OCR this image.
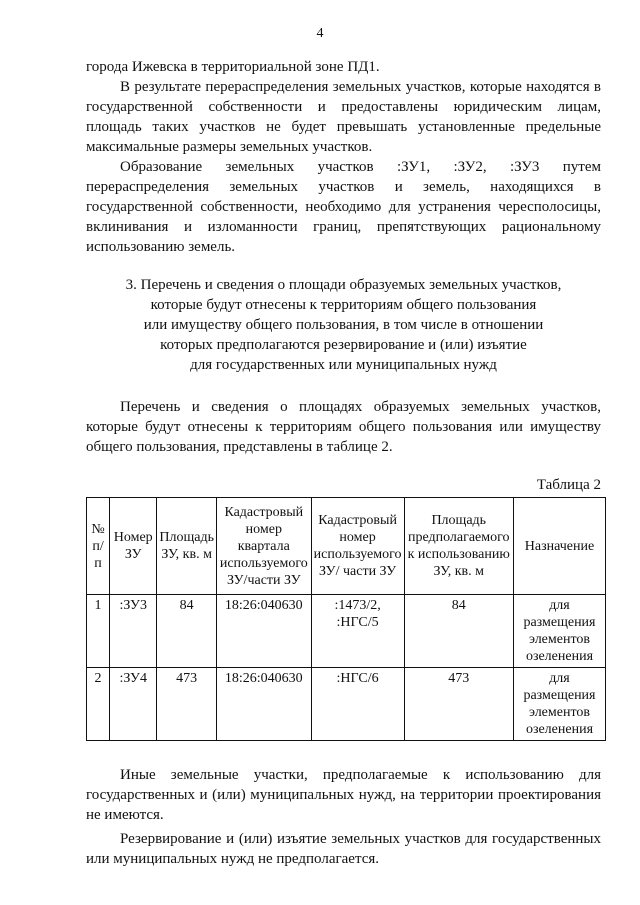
4

города Ижевска в территориальной зоне ПД1.

В результате перераспределения земельных участков, которые находятся в государственной собственности и предоставлены юридическим лицам, площадь таких участков не будет превышать установленные предельные максимальные размеры земельных участков.

Образование земельных участков :ЗУ1, :ЗУ2, :ЗУ3 путем перераспределения земельных участков и земель, находящихся в государственной собственности, необходимо для устранения чересполосицы, вклинивания и изломанности границ, препятствующих рациональному использованию земель.

3. Перечень и сведения о площади образуемых земельных участков,
которые будут отнесены к территориям общего пользования
или имуществу общего пользования, в том числе в отношении
которых предполагаются резервирование и (или) изъятие
для государственных или муниципальных нужд

Перечень и сведения о площадях образуемых земельных участков, которые будут отнесены к территориям общего пользования или имуществу общего пользования, представлены в таблице 2.

Таблица 2
№ п/п	Номер ЗУ	Площадь ЗУ, кв. м	Кадастровый номер квартала используемого ЗУ/части ЗУ	Кадастровый номер используемого ЗУ/ части ЗУ	Площадь предполагаемого к использованию ЗУ, кв. м	Назначение
1	:ЗУ3	84	18:26:040630	:1473/2, :НГС/5	84	для размещения элементов озеленения
2	:ЗУ4	473	18:26:040630	:НГС/6	473	для размещения элементов озеленения

Иные земельные участки, предполагаемые к использованию для государственных и (или) муниципальных нужд, на территории проектирования не имеются.

Резервирование и (или) изъятие земельных участков для государственных или муниципальных нужд не предполагается.
